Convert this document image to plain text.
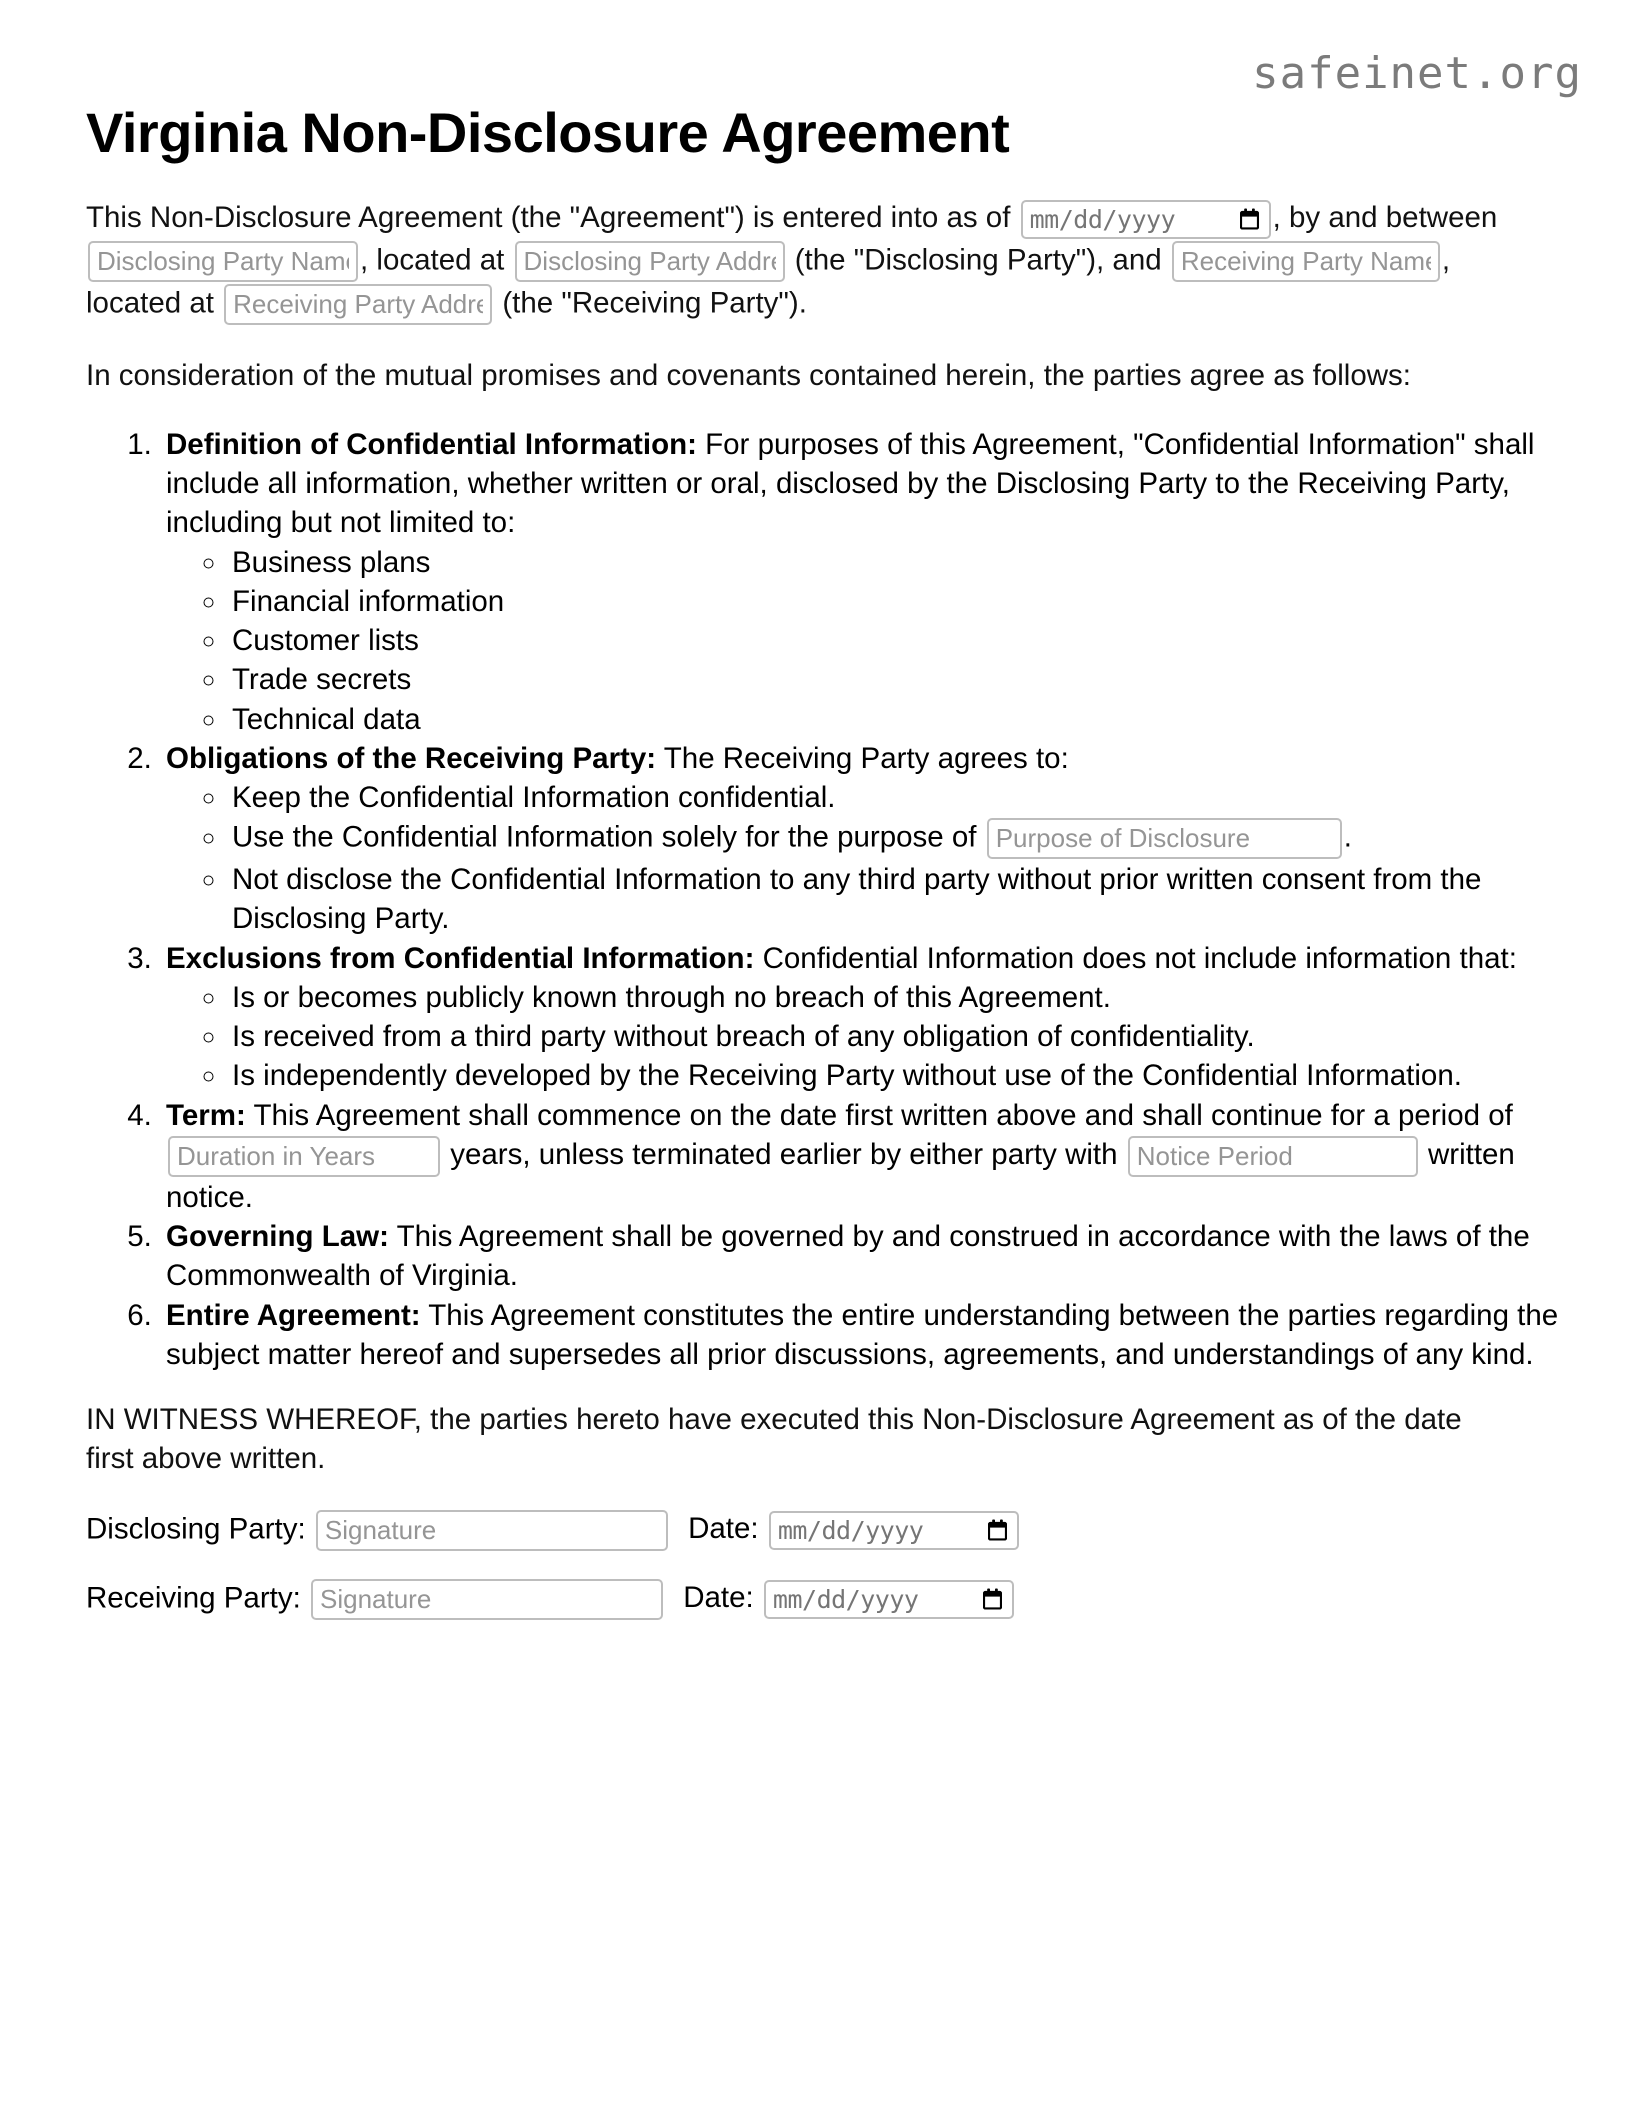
safeinet.org
Virginia Non-Disclosure Agreement

This Non-Disclosure Agreement (the "Agreement") is entered into as of mm/dd/yyyy	, by and between Disclosing Party Name, located at Disclosing Party Address	(the "Disclosing Party"), and Receiving Party Name	, located at Receiving Party Address	(the "Receiving Party").

In consideration of the mutual promises and covenants contained herein, the parties agree as follows:

1. Definition of Confidential Information: For purposes of this Agreement, "Confidential Information" shall include all information, whether written or oral, disclosed by the Disclosing Party to the Receiving Party, including but not limited to:
◦ Business plans
◦ Financial information
◦ Customer lists
◦ Trade secrets
◦ Technical data
2. Obligations of the Receiving Party: The Receiving Party agrees to:
◦ Keep the Confidential Information confidential.
◦ Use the Confidential Information solely for the purpose of Purpose of Disclosure	.
◦ Not disclose the Confidential Information to any third party without prior written consent from the Disclosing Party.
3. Exclusions from Confidential Information: Confidential Information does not include information that:
◦ Is or becomes publicly known through no breach of this Agreement.
◦ Is received from a third party without breach of any obligation of confidentiality.
◦ Is independently developed by the Receiving Party without use of the Confidential Information.
4. Term: This Agreement shall commence on the date first written above and shall continue for a period of Duration in Years years, unless terminated earlier by either party with Notice Period	written notice.
5. Governing Law: This Agreement shall be governed by and construed in accordance with the laws of the Commonwealth of Virginia.
6. Entire Agreement: This Agreement constitutes the entire understanding between the parties regarding the subject matter hereof and supersedes all prior discussions, agreements, and understandings of any kind.

IN WITNESS WHEREOF, the parties hereto have executed this Non-Disclosure Agreement as of the date first above written.

Disclosing Party: Signature	Date: mm/dd/yyyy
Receiving Party: Signature	Date: mm/dd/yyyy
